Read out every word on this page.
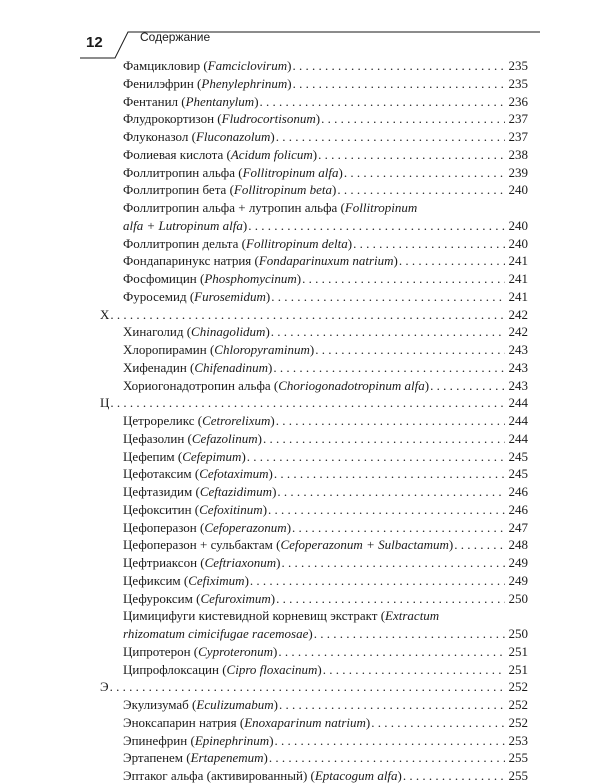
12	Содержание
Фамцикловир (Famciclovirum) . . .	235
Фенилэфрин (Phenylephrinum) . . .	235
Фентанил (Phentanylum) . . .	236
Флудрокортизон (Fludrocortisonum) . . .	237
Флуконазол (Fluconazolum) . . .	237
Фолиевая кислота (Acidum folicum) . . .	238
Фоллитропин альфа (Follitropinum alfa) . . .	239
Фоллитропин бета (Follitropinum beta) . . .	240
Фоллитропин альфа + лутропин альфа ( Follitropinum
alfa + Lutropinum alfa) . . .	240
Фоллитропин дельта (Follitropinum delta) . . .	240
Фондапаринукс натрия (Fondaparinuxum natrium) . . .	241
Фосфомицин (Phosphomycinum) . . .	241
Фуросемид (Furosemidum) . . .	241
Х . . .	242
Хинаголид (Chinagolidum) . . .	242
Хлоропирамин (Chloropyraminum) . . .	243
Хифенадин (Chifenadinum) . . .	243
Хориогонадотропин альфа (Choriogonadotropinum alfa) . . .	243
Ц . . .	244
Цетрореликс (Cetrorelixum) . . .	244
Цефазолин (Cefazolinum) . . .	244
Цефепим (Cefepimum) . . .	245
Цефотаксим (Cefotaximum) . . .	245
Цефтазидим (Ceftazidimum) . . .	246
Цефокситин (Cefoxitinum) . . .	246
Цефоперазон (Cefoperazonum) . . .	247
Цефоперазон + сульбактам (Cefoperazonum + Sulbactamum) . . .	248
Цефтриаксон (Ceftriaxonum) . . .	249
Цефиксим (Cefiximum) . . .	249
Цефуроксим (Cefuroximum) . . .	250
Цимицифуги кистевидной корневищ экстракт ( Extractum
rhizomatum cimicifugae racemosae) . . .	250
Ципротерон (Cyproteronum) . . .	251
Ципрофлоксацин (Cipro floxacinum) . . .	251
Э . . .	252
Экулизумаб (Eculizumabum) . . .	252
Эноксапарин натрия (Enoxaparinum natrium) . . .	252
Эпинефрин (Epinephrinum) . . .	253
Эртапенем (Ertapenemum) . . .	255
Эптаког альфа (активированный) (Eptacogum alfa) . . .	255
